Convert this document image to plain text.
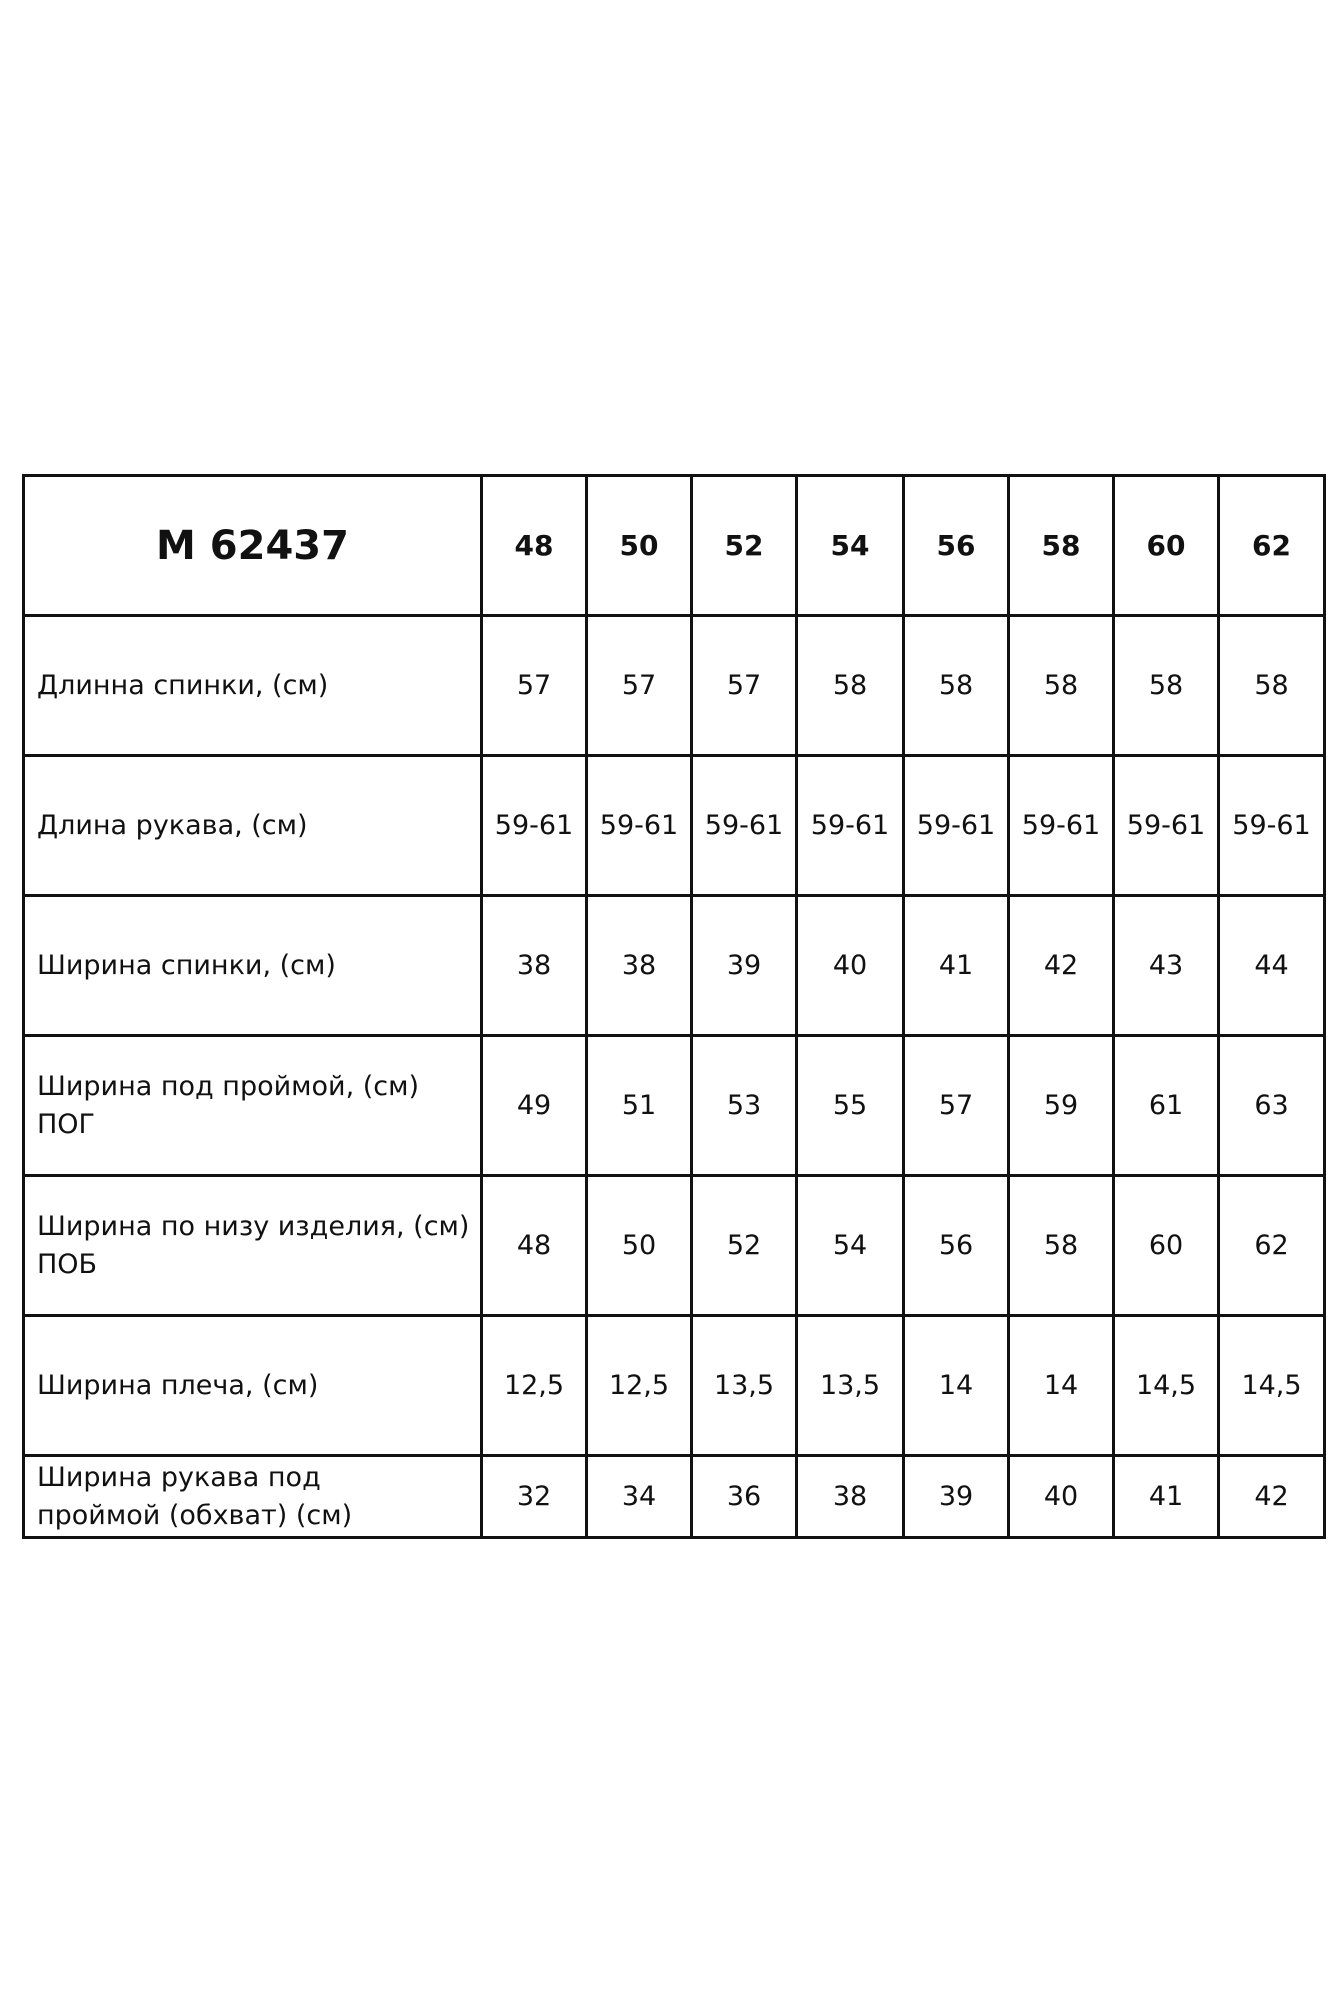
М 62437	48	50	52	54	56	58	60	62

Длинна спинки, (см)	57	57	57	58	58	58	58	58

Длина рукава, (см)	59-61	59-61	59-61	59-61	59-61	59-61	59-61	59-61

Ширина спинки, (см)	38	38	39	40	41	42	43	44

Ширина под проймой, (см)
ПОГ	49	51	53	55	57	59	61	63

Ширина по низу изделия, (см)
ПОБ	48	50	52	54	56	58	60	62

Ширина плеча, (см)	12,5	12,5	13,5	13,5	14	14	14,5	14,5

Ширина рукава под
проймой (обхват) (см)	32	34	36	38	39	40	41	42
